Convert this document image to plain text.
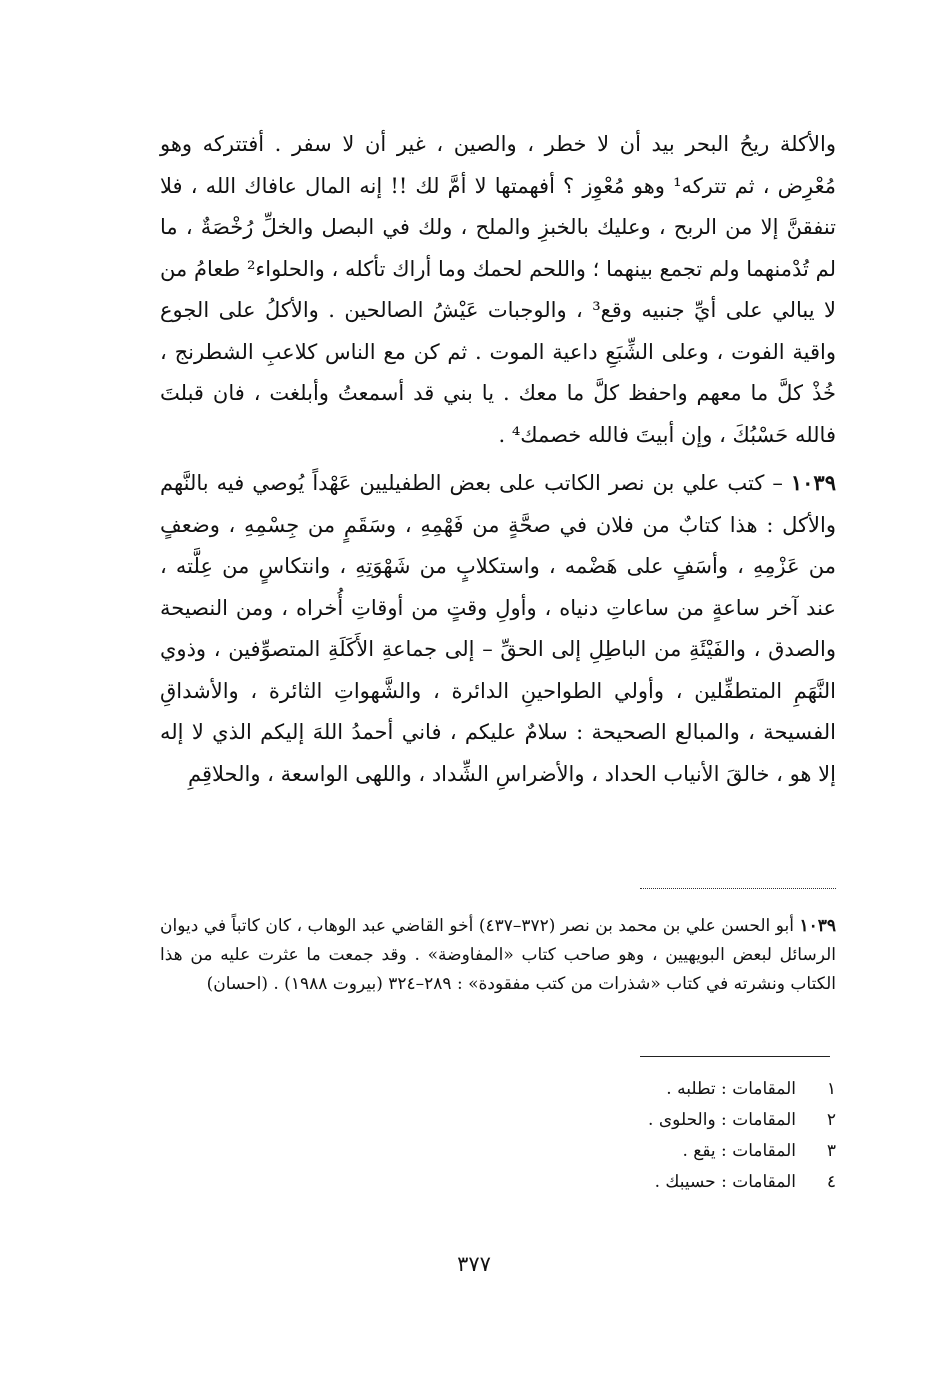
والأكلة ريحُ البحر بيد أن لا خطر ، والصين ، غير أن لا سفر . أفتتركه وهو مُعْرِض ، ثم تتركه¹ وهو مُعْوِز ؟ أفهمتها لا أمَّ لك !! إنه المال عافاك الله ، فلا تنفقنَّ إلا من الربح ، وعليك بالخبزِ والملح ، ولك في البصل والخلِّ رُخْصَةٌ ، ما لم تُدْمنهما ولم تجمع بينهما ؛ واللحم لحمك وما أراك تأكله ، والحلواء² طعامُ من لا يبالي على أيِّ جنبيه وقع³ ، والوجبات عَيْشُ الصالحين . والأكلُ على الجوع واقية الفوت ، وعلى الشِّبَعِ داعية الموت . ثم كن مع الناس كلاعبِ الشطرنج ، خُذْ كلَّ ما معهم واحفظ كلَّ ما معك . يا بني قد أسمعتُ وأبلغت ، فان قبلتَ فالله حَسْبُكَ ، وإن أبيتَ فالله خصمك⁴ .

١٠٣٩ – كتب علي بن نصر الكاتب على بعض الطفيليين عَهْداً يُوصي فيه بالنَّهم والأكل : هذا كتابٌ من فلان في صحَّةٍ من فَهْمِهِ ، وسَقَمٍ من جِسْمِهِ ، وضعفٍ من عَزْمِهِ ، وأسَفٍ على هَضْمه ، واستكلابٍ من شَهْوَتِهِ ، وانتكاسٍ من عِلَّته ، عند آخر ساعةٍ من ساعاتِ دنياه ، وأولِ وقتٍ من أوقاتِ أُخراه ، ومن النصيحة والصدق ، والفَيْئَةِ من الباطِلِ إلى الحقِّ – إلى جماعةِ الأَكَلَةِ المتصوِّفين ، وذوي النَّهَمِ المتطفِّلين ، وأولي الطواحينِ الدائرة ، والشَّهواتِ الثائرة ، والأشداقِ الفسيحة ، والمبالع الصحيحة : سلامٌ عليكم ، فاني أحمدُ اللهَ إليكم الذي لا إله إلا هو ، خالقَ الأنياب الحداد ، والأضراسِ الشِّداد ، واللهى الواسعة ، والحلاقِمِ

١٠٣٩ أبو الحسن علي بن محمد بن نصر (٣٧٢–٤٣٧) أخو القاضي عبد الوهاب ، كان كاتباً في ديوان الرسائل لبعض البويهيين ، وهو صاحب كتاب «المفاوضة» . وقد جمعت ما عثرت عليه من هذا الكتاب ونشرته في كتاب «شذرات من كتب مفقودة» : ٢٨٩–٣٢٤ (بيروت ١٩٨٨) . (احسان)
١
المقامات : تطلبه .
٢
المقامات : والحلوى .
٣
المقامات : يقع .
٤
المقامات : حسيبك .
٣٧٧
